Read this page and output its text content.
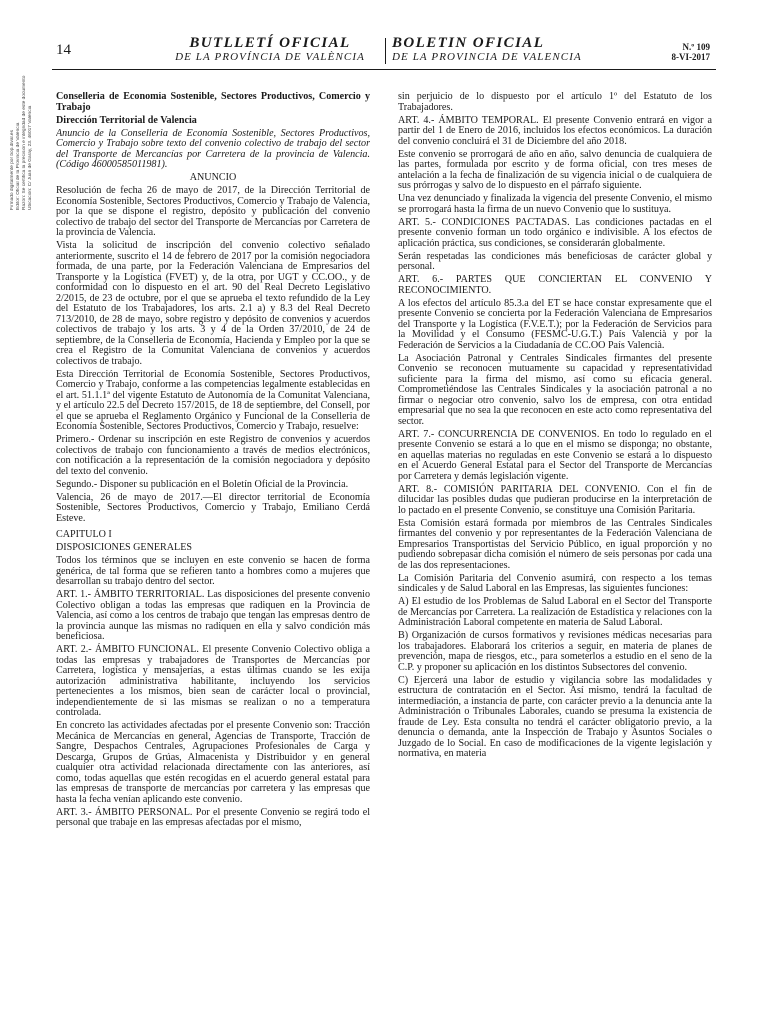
Firmado digitalmente por bop.dival.es Editor: Oficial de la Provincia de Valencia Razón: Se certifica la precisión e integridad de este documento Ubicación: C/ Juan de Garay, 23. 46017 Valencia
14	BUTLLETÍ OFICIAL
DE LA PROVÍNCIA DE VALÈNCIA
BOLETIN OFICIAL
DE LA PROVINCIA DE VALENCIA
N.º 109
8-VI-2017

Conselleria de Economía Sostenible, Sectores Productivos, Comercio y Trabajo

Dirección Territorial de Valencia

Anuncio de la Conselleria de Economía Sostenible, Sectores Productivos, Comercio y Trabajo sobre texto del convenio colectivo de trabajo del sector del Transporte de Mercancías por Carretera de la provincia de Valencia. (Código 46000585011981).

ANUNCIO

Resolución de fecha 26 de mayo de 2017, de la Dirección Territorial de Economía Sostenible, Sectores Productivos, Comercio y Trabajo de Valencia, por la que se dispone el registro, depósito y publicación del convenio colectivo de trabajo del sector del Transporte de Mercancías por Carretera de la provincia de Valencia.

Vista la solicitud de inscripción del convenio colectivo señalado anteriormente, suscrito el 14 de febrero de 2017 por la comisión negociadora formada, de una parte, por la Federación Valenciana de Empresarios del Transporte y la Logística (FVET) y, de la otra, por UGT y CC.OO., y de conformidad con lo dispuesto en el art. 90 del Real Decreto Legislativo 2/2015, de 23 de octubre, por el que se aprueba el texto refundido de la Ley del Estatuto de los Trabajadores, los arts. 2.1 a) y 8.3 del Real Decreto 713/2010, de 28 de mayo, sobre registro y depósito de convenios y acuerdos colectivos de trabajo y los arts. 3 y 4 de la Orden 37/2010, de 24 de septiembre, de la Conselleria de Economía, Hacienda y Empleo por la que se crea el Registro de la Comunitat Valenciana de convenios y acuerdos colectivos de trabajo.

Esta Dirección Territorial de Economía Sostenible, Sectores Productivos, Comercio y Trabajo, conforme a las competencias legalmente establecidas en el art. 51.1.1ª del vigente Estatuto de Autonomía de la Comunitat Valenciana, y el artículo 22.5 del Decreto 157/2015, de 18 de septiembre, del Consell, por el que se aprueba el Reglamento Orgánico y Funcional de la Conselleria de Economía Sostenible, Sectores Productivos, Comercio y Trabajo, resuelve:

Primero.- Ordenar su inscripción en este Registro de convenios y acuerdos colectivos de trabajo con funcionamiento a través de medios electrónicos, con notificación a la representación de la comisión negociadora y depósito del texto del convenio.

Segundo.- Disponer su publicación en el Boletín Oficial de la Provincia.

Valencia, 26 de mayo de 2017.—El director territorial de Economía Sostenible, Sectores Productivos, Comercio y Trabajo, Emiliano Cerdá Esteve.

CAPITULO I

DISPOSICIONES GENERALES

Todos los términos que se incluyen en este convenio se hacen de forma genérica, de tal forma que se refieren tanto a hombres como a mujeres que desarrollan su trabajo dentro del sector.

ART. 1.- ÁMBITO TERRITORIAL. Las disposiciones del presente convenio Colectivo obligan a todas las empresas que radiquen en la Provincia de Valencia, así como a los centros de trabajo que tengan las empresas dentro de la provincia aunque las mismas no radiquen en ella y salvo condición más beneficiosa.

ART. 2.- ÁMBITO FUNCIONAL. El presente Convenio Colectivo obliga a todas las empresas y trabajadores de Transportes de Mercancías por Carretera, logística y mensajerías, a estas últimas cuando se les exija autorización administrativa habilitante, incluyendo los servicios pertenecientes a los mismos, bien sean de carácter local o provincial, independientemente de si las mismas se realizan o no a temperatura controlada.

En concreto las actividades afectadas por el presente Convenio son: Tracción Mecánica de Mercancías en general, Agencias de Transporte, Tracción de Sangre, Despachos Centrales, Agrupaciones Profesionales de Carga y Descarga, Grupos de Grúas, Almacenista y Distribuidor y en general cualquier otra actividad relacionada directamente con las anteriores, así como, todas aquellas que estén recogidas en el acuerdo general estatal para las empresas de transporte de mercancías por carretera y las empresas que hasta la fecha venían aplicando este convenio.

ART. 3.- ÁMBITO PERSONAL. Por el presente Convenio se regirá todo el personal que trabaje en las empresas afectadas por el mismo,

sin perjuicio de lo dispuesto por el artículo 1º del Estatuto de los Trabajadores.

ART. 4.- ÁMBITO TEMPORAL. El presente Convenio entrará en vigor a partir del 1 de Enero de 2016, incluidos los efectos económicos. La duración del convenio concluirá el 31 de Diciembre del año 2018.

Este convenio se prorrogará de año en año, salvo denuncia de cualquiera de las partes, formulada por escrito y de forma oficial, con tres meses de antelación a la fecha de finalización de su vigencia inicial o de cualquiera de sus prórrogas y salvo de lo dispuesto en el párrafo siguiente.

Una vez denunciado y finalizada la vigencia del presente Convenio, el mismo se prorrogará hasta la firma de un nuevo Convenio que lo sustituya.

ART. 5.- CONDICIONES PACTADAS. Las condiciones pactadas en el presente convenio forman un todo orgánico e indivisible. A los efectos de aplicación práctica, sus condiciones, se considerarán globalmente.

Serán respetadas las condiciones más beneficiosas de carácter global y personal.

ART. 6.- PARTES QUE CONCIERTAN EL CONVENIO Y RECONOCIMIENTO.

A los efectos del artículo 85.3.a del ET se hace constar expresamente que el presente Convenio se concierta por la Federación Valenciana de Empresarios del Transporte y la Logística (F.V.E.T.); por la Federación de Servicios para la Movilidad y el Consumo (FESMC-U.G.T.) País Valencià y por la Federación de Servicios a la Ciudadanía de CC.OO País Valencià.

La Asociación Patronal y Centrales Sindicales firmantes del presente Convenio se reconocen mutuamente su capacidad y representatividad suficiente para la firma del mismo, así como su eficacia general. Comprometiéndose las Centrales Sindicales y la asociación patronal a no firmar o negociar otro convenio, salvo los de empresa, con otra entidad empresarial que no sea la que reconocen en este acto como representativa del sector.

ART. 7.- CONCURRENCIA DE CONVENIOS. En todo lo regulado en el presente Convenio se estará a lo que en el mismo se disponga; no obstante, en aquellas materias no reguladas en este Convenio se estará a lo dispuesto en el Acuerdo General Estatal para el Sector del Transporte de Mercancías por Carretera y demás legislación vigente.

ART. 8.- COMISIÓN PARITARIA DEL CONVENIO. Con el fin de dilucidar las posibles dudas que pudieran producirse en la interpretación de lo pactado en el presente Convenio, se constituye una Comisión Paritaria.

Esta Comisión estará formada por miembros de las Centrales Sindicales firmantes del convenio y por representantes de la Federación Valenciana de Empresarios Transportistas del Servicio Público, en igual proporción y no pudiendo sobrepasar dicha comisión el número de seis personas por cada una de las dos representaciones.

La Comisión Paritaria del Convenio asumirá, con respecto a los temas sindicales y de Salud Laboral en las Empresas, las siguientes funciones:

A) El estudio de los Problemas de Salud Laboral en el Sector del Transporte de Mercancías por Carretera. La realización de Estadística y relaciones con la Administración Laboral competente en materia de Salud Laboral.

B) Organización de cursos formativos y revisiones médicas necesarias para los trabajadores. Elaborará los criterios a seguir, en materia de planes de prevención, mapa de riesgos, etc., para someterlos a estudio en el seno de la C.P. y proponer su aplicación en los distintos Subsectores del convenio.

C) Ejercerá una labor de estudio y vigilancia sobre las modalidades y estructura de contratación en el Sector. Así mismo, tendrá la facultad de intermediación, a instancia de parte, con carácter previo a la denuncia ante la Administración o Tribunales Laborales, cuando se presuma la existencia de fraude de Ley. Esta consulta no tendrá el carácter obligatorio previo, a la denuncia o demanda, ante la Inspección de Trabajo y Asuntos Sociales o Juzgado de lo Social. En caso de modificaciones de la vigente legislación y normativa, en materia
